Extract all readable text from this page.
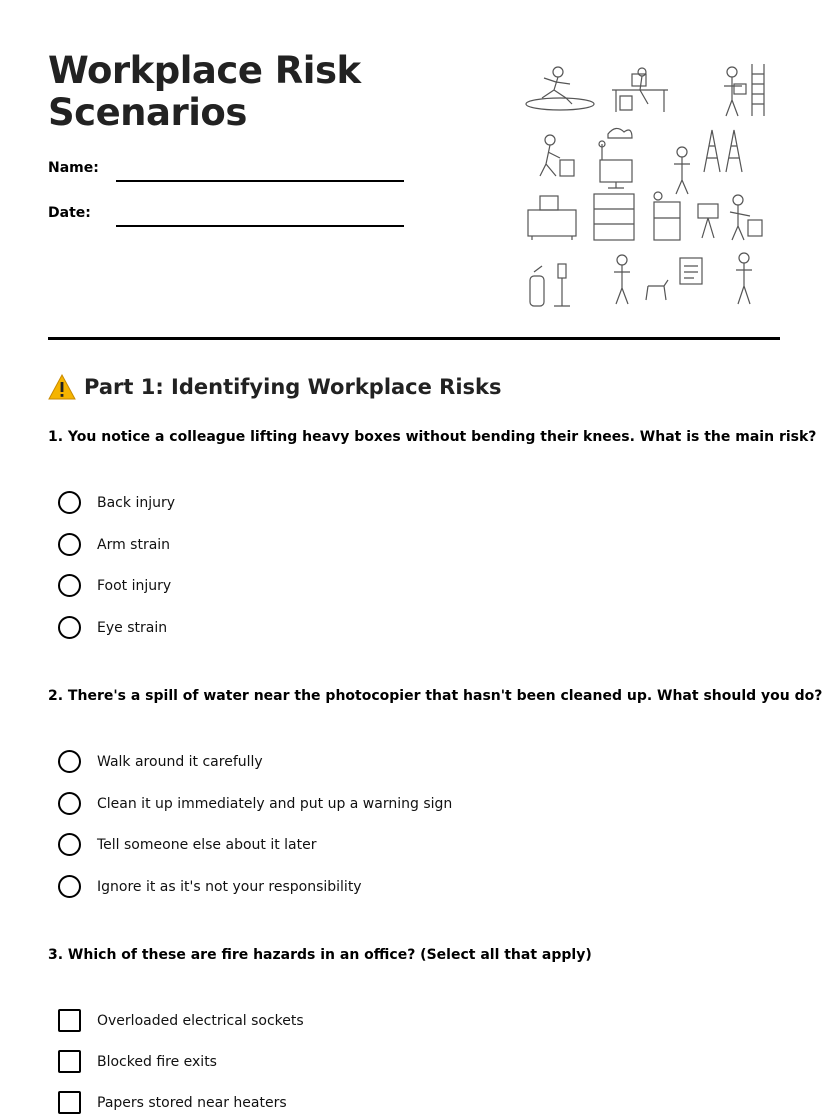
Workplace Risk Scenarios
Name:
Date:
Part 1: Identifying Workplace Risks
1. You notice a colleague lifting heavy boxes without bending their knees. What is the main risk?
Back injury
Arm strain
Foot injury
Eye strain
2. There's a spill of water near the photocopier that hasn't been cleaned up. What should you do?
Walk around it carefully
Clean it up immediately and put up a warning sign
Tell someone else about it later
Ignore it as it's not your responsibility
3. Which of these are fire hazards in an office? (Select all that apply)
Overloaded electrical sockets
Blocked fire exits
Papers stored near heaters
